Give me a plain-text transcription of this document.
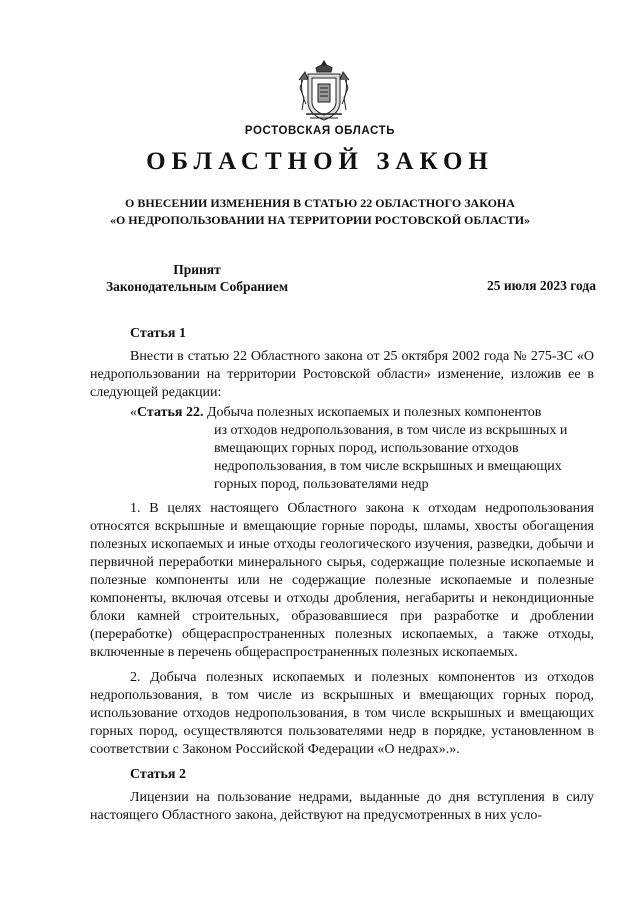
РОСТОВСКАЯ ОБЛАСТЬ
ОБЛАСТНОЙ ЗАКОН
О ВНЕСЕНИИ ИЗМЕНЕНИЯ В СТАТЬЮ 22 ОБЛАСТНОГО ЗАКОНА
«О НЕДРОПОЛЬЗОВАНИИ НА ТЕРРИТОРИИ РОСТОВСКОЙ ОБЛАСТИ»
Принят
Законодательным Собранием	25 июля 2023 года
Статья 1

Внести в статью 22 Областного закона от 25 октября 2002 года № 275-ЗС «О недропользовании на территории Ростовской области» изменение, изложив ее в следующей редакции:

«Статья 22. Добыча полезных ископаемых и полезных компонентов
из отходов недропользования, в том числе из вскрышных и вмещающих горных пород, использование отходов недропользования, в том числе вскрышных и вмещающих горных пород, пользователями недр

1. В целях настоящего Областного закона к отходам недропользования относятся вскрышные и вмещающие горные породы, шламы, хвосты обогащения полезных ископаемых и иные отходы геологического изучения, разведки, добычи и первичной переработки минерального сырья, содержащие полезные ископаемые и полезные компоненты или не содержащие полезные ископаемые и полезные компоненты, включая отсевы и отходы дробления, негабариты и некондиционные блоки камней строительных, образовавшиеся при разработке и дроблении (переработке) общераспространенных полезных ископаемых, а также отходы, включенные в перечень общераспространенных полезных ископаемых.

2. Добыча полезных ископаемых и полезных компонентов из отходов недропользования, в том числе из вскрышных и вмещающих горных пород, использование отходов недропользования, в том числе вскрышных и вмещающих горных пород, осуществляются пользователями недр в порядке, установленном в соответствии с Законом Российской Федерации «О недрах».».

Статья 2

Лицензии на пользование недрами, выданные до дня вступления в силу настоящего Областного закона, действуют на предусмотренных в них усло-
